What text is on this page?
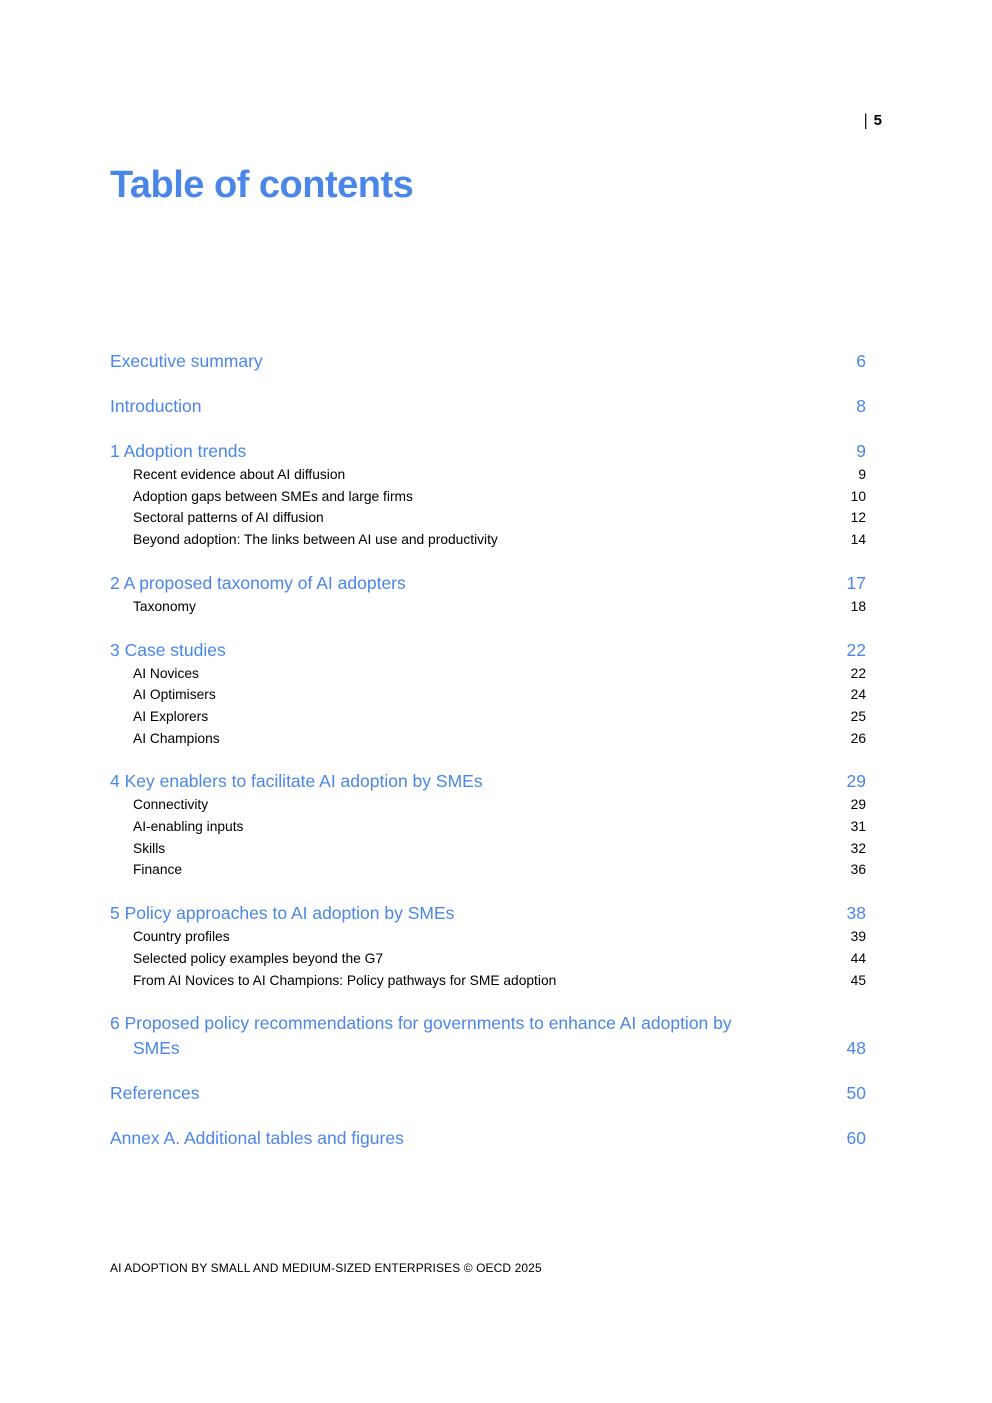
| 5
Table of contents
Executive summary	6
Introduction	8
1 Adoption trends	9
Recent evidence about AI diffusion	9
Adoption gaps between SMEs and large firms	10
Sectoral patterns of AI diffusion	12
Beyond adoption: The links between AI use and productivity	14
2 A proposed taxonomy of AI adopters	17
Taxonomy	18
3 Case studies	22
AI Novices	22
AI Optimisers	24
AI Explorers	25
AI Champions	26
4 Key enablers to facilitate AI adoption by SMEs	29
Connectivity	29
AI-enabling inputs	31
Skills	32
Finance	36
5 Policy approaches to AI adoption by SMEs	38
Country profiles	39
Selected policy examples beyond the G7	44
From AI Novices to AI Champions: Policy pathways for SME adoption	45
6 Proposed policy recommendations for governments to enhance AI adoption by
SMEs	48
References	50
Annex A. Additional tables and figures	60
AI ADOPTION BY SMALL AND MEDIUM-SIZED ENTERPRISES © OECD 2025
